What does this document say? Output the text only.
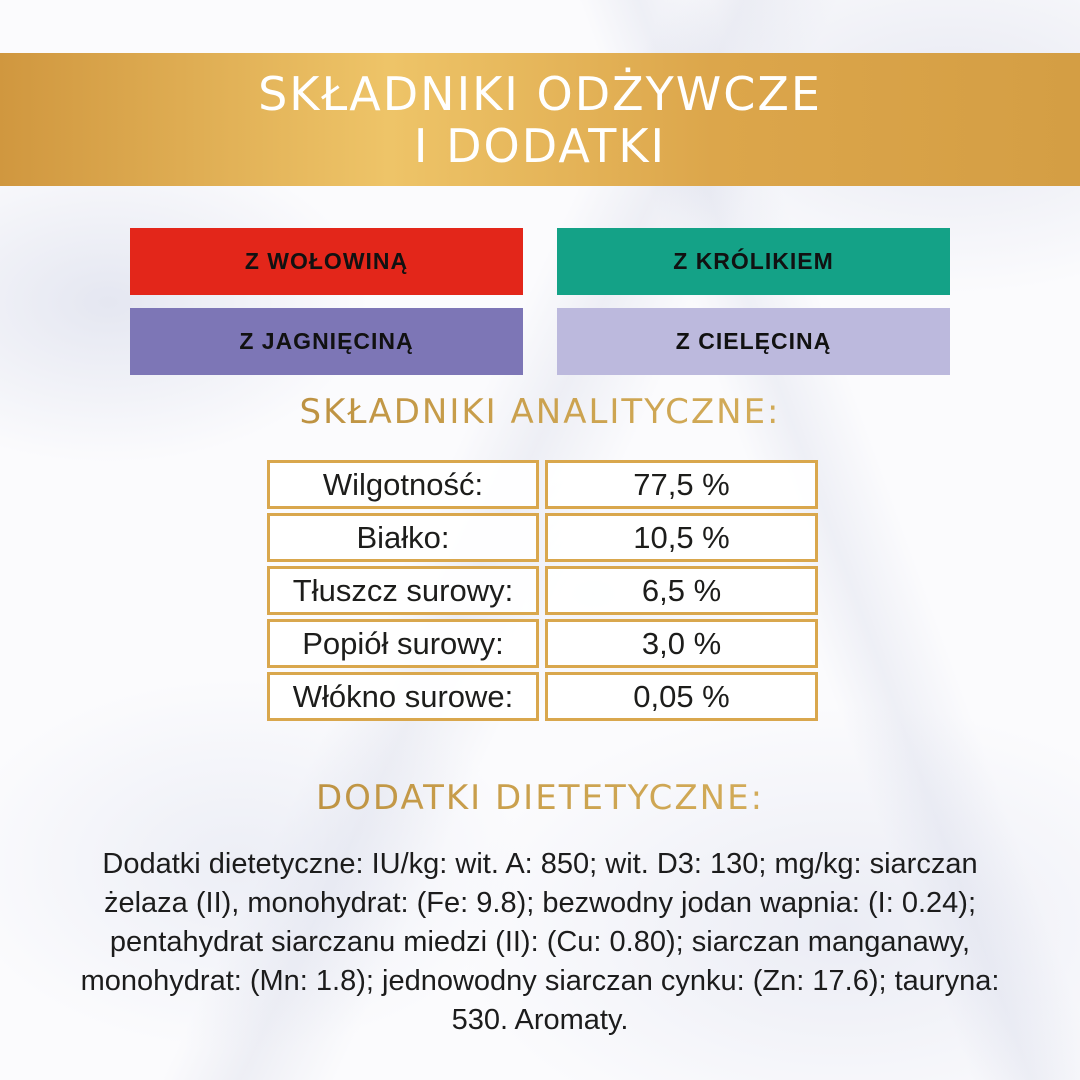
SKŁADNIKI ODŻYWCZE
I DODATKI
Z WOŁOWINĄ	Z KRÓLIKIEM
Z JAGNIĘCINĄ	Z CIELĘCINĄ
SKŁADNIKI ANALITYCZNE:
Wilgotność:	77,5 %
Białko:	10,5 %
Tłuszcz surowy:	6,5 %
Popiół surowy:	3,0 %
Włókno surowe:	0,05 %
DODATKI DIETETYCZNE:

Dodatki dietetyczne: IU/kg: wit. A: 850; wit. D3: 130; mg/kg: siarczan żelaza (II), monohydrat: (Fe: 9.8); bezwodny jodan wapnia: (I: 0.24); pentahydrat siarczanu miedzi (II): (Cu: 0.80); siarczan manganawy, monohydrat: (Mn: 1.8); jednowodny siarczan cynku: (Zn: 17.6); tauryna: 530. Aromaty.
